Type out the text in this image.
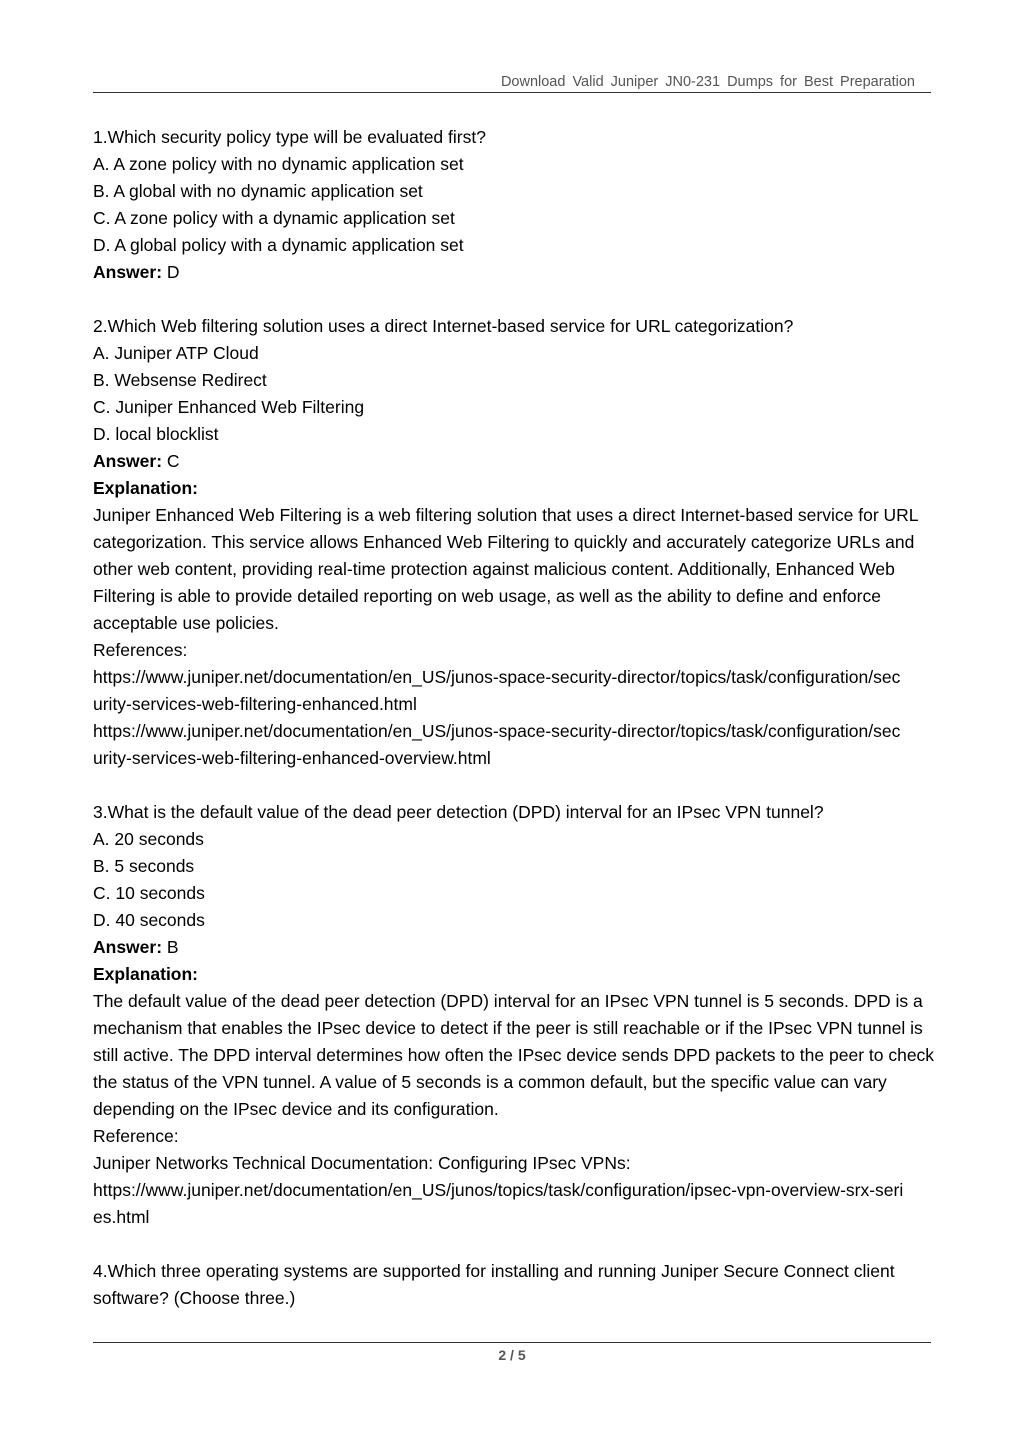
Download Valid Juniper JN0-231 Dumps for Best Preparation

1.Which security policy type will be evaluated first?

A. A zone policy with no dynamic application set

B. A global with no dynamic application set

C. A zone policy with a dynamic application set

D. A global policy with a dynamic application set

Answer: D

2.Which Web filtering solution uses a direct Internet-based service for URL categorization?

A. Juniper ATP Cloud

B. Websense Redirect

C. Juniper Enhanced Web Filtering

D. local blocklist

Answer: C

Explanation:

Juniper Enhanced Web Filtering is a web filtering solution that uses a direct Internet-based service for URL categorization. This service allows Enhanced Web Filtering to quickly and accurately categorize URLs and other web content, providing real-time protection against malicious content. Additionally, Enhanced Web Filtering is able to provide detailed reporting on web usage, as well as the ability to define and enforce acceptable use policies.

References:

https://www.juniper.net/documentation/en_US/junos-space-security-director/topics/task/configuration/sec

urity-services-web-filtering-enhanced.html

https://www.juniper.net/documentation/en_US/junos-space-security-director/topics/task/configuration/sec

urity-services-web-filtering-enhanced-overview.html

3.What is the default value of the dead peer detection (DPD) interval for an IPsec VPN tunnel?

A. 20 seconds

B. 5 seconds

C. 10 seconds

D. 40 seconds

Answer: B

Explanation:

The default value of the dead peer detection (DPD) interval for an IPsec VPN tunnel is 5 seconds. DPD is a mechanism that enables the IPsec device to detect if the peer is still reachable or if the IPsec VPN tunnel is still active. The DPD interval determines how often the IPsec device sends DPD packets to the peer to check the status of the VPN tunnel. A value of 5 seconds is a common default, but the specific value can vary depending on the IPsec device and its configuration.

Reference:

Juniper Networks Technical Documentation: Configuring IPsec VPNs:

https://www.juniper.net/documentation/en_US/junos/topics/task/configuration/ipsec-vpn-overview-srx-seri

es.html

4.Which three operating systems are supported for installing and running Juniper Secure Connect client software? (Choose three.)

2 / 5
